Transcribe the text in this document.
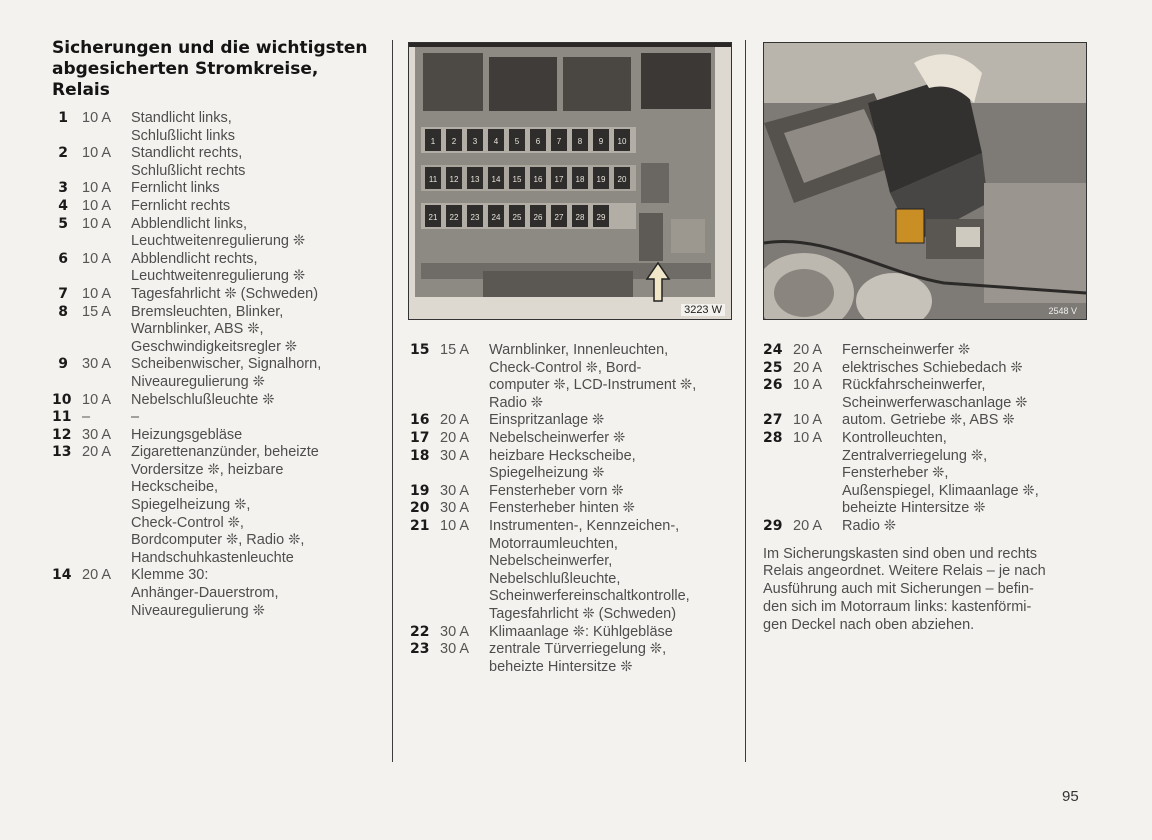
Sicherungen und die wichtigsten
abgesicherten Stromkreise,
Relais
1 10 A Standlicht links,
Schlußlicht links
2 10 A Standlicht rechts,
Schlußlicht rechts
3 10 A Fernlicht links
4 10 A Fernlicht rechts
5 10 A Abblendlicht links,
Leuchtweitenregulierung ❊
6 10 A Abblendlicht rechts,
Leuchtweitenregulierung ❊
7 10 A Tagesfahrlicht ❊ (Schweden)
8 15 A Bremsleuchten, Blinker,
Warnblinker, ABS ❊,
Geschwindigkeitsregler ❊
9 30 A Scheibenwischer, Signalhorn,
Niveauregulierung ❊
10 10 A Nebelschlußleuchte ❊
11 –	–
12 30 A Heizungsgebläse
13 20 A Zigarettenanzünder, beheizte
Vordersitze ❊, heizbare
Heckscheibe,
Spiegelheizung ❊,
Check-Control ❊,
Bordcomputer ❊, Radio ❊,
Handschuhkastenleuchte
14 20 A Klemme 30:
Anhänger-Dauerstrom,
Niveauregulierung ❊
1 2 3 4 5 6 7 8 9 10
11 12 13 14 15 16 17 18 19 20
21 22 23 24 25 26 27 28 29
3223 W	2548 V
15 15 A Warnblinker, Innenleuchten,
Check-Control ❊, Bord-
computer ❊, LCD-Instrument ❊,
Radio ❊
16 20 A Einspritzanlage ❊
17 20 A Nebelscheinwerfer ❊
18 30 A heizbare Heckscheibe,
Spiegelheizung ❊
19 30 A Fensterheber vorn ❊
20 30 A Fensterheber hinten ❊
21 10 A Instrumenten-, Kennzeichen-,
Motorraumleuchten,
Nebelscheinwerfer,
Nebelschlußleuchte,
Scheinwerfereinschaltkontrolle,
Tagesfahrlicht ❊ (Schweden)
22 30 A Klimaanlage ❊: Kühlgebläse
23 30 A zentrale Türverriegelung ❊,
beheizte Hintersitze ❊
24 20 A Fernscheinwerfer ❊
25 20 A elektrisches Schiebedach ❊
26 10 A Rückfahrscheinwerfer,
Scheinwerferwaschanlage ❊
27 10 A autom. Getriebe ❊, ABS ❊
28 10 A Kontrolleuchten,
Zentralverriegelung ❊,
Fensterheber ❊,
Außenspiegel, Klimaanlage ❊,
beheizte Hintersitze ❊
29 20 A Radio ❊
Im Sicherungskasten sind oben und rechts
Relais angeordnet. Weitere Relais – je nach
Ausführung auch mit Sicherungen – befin-
den sich im Motorraum links: kastenförmi-
gen Deckel nach oben abziehen.
95
